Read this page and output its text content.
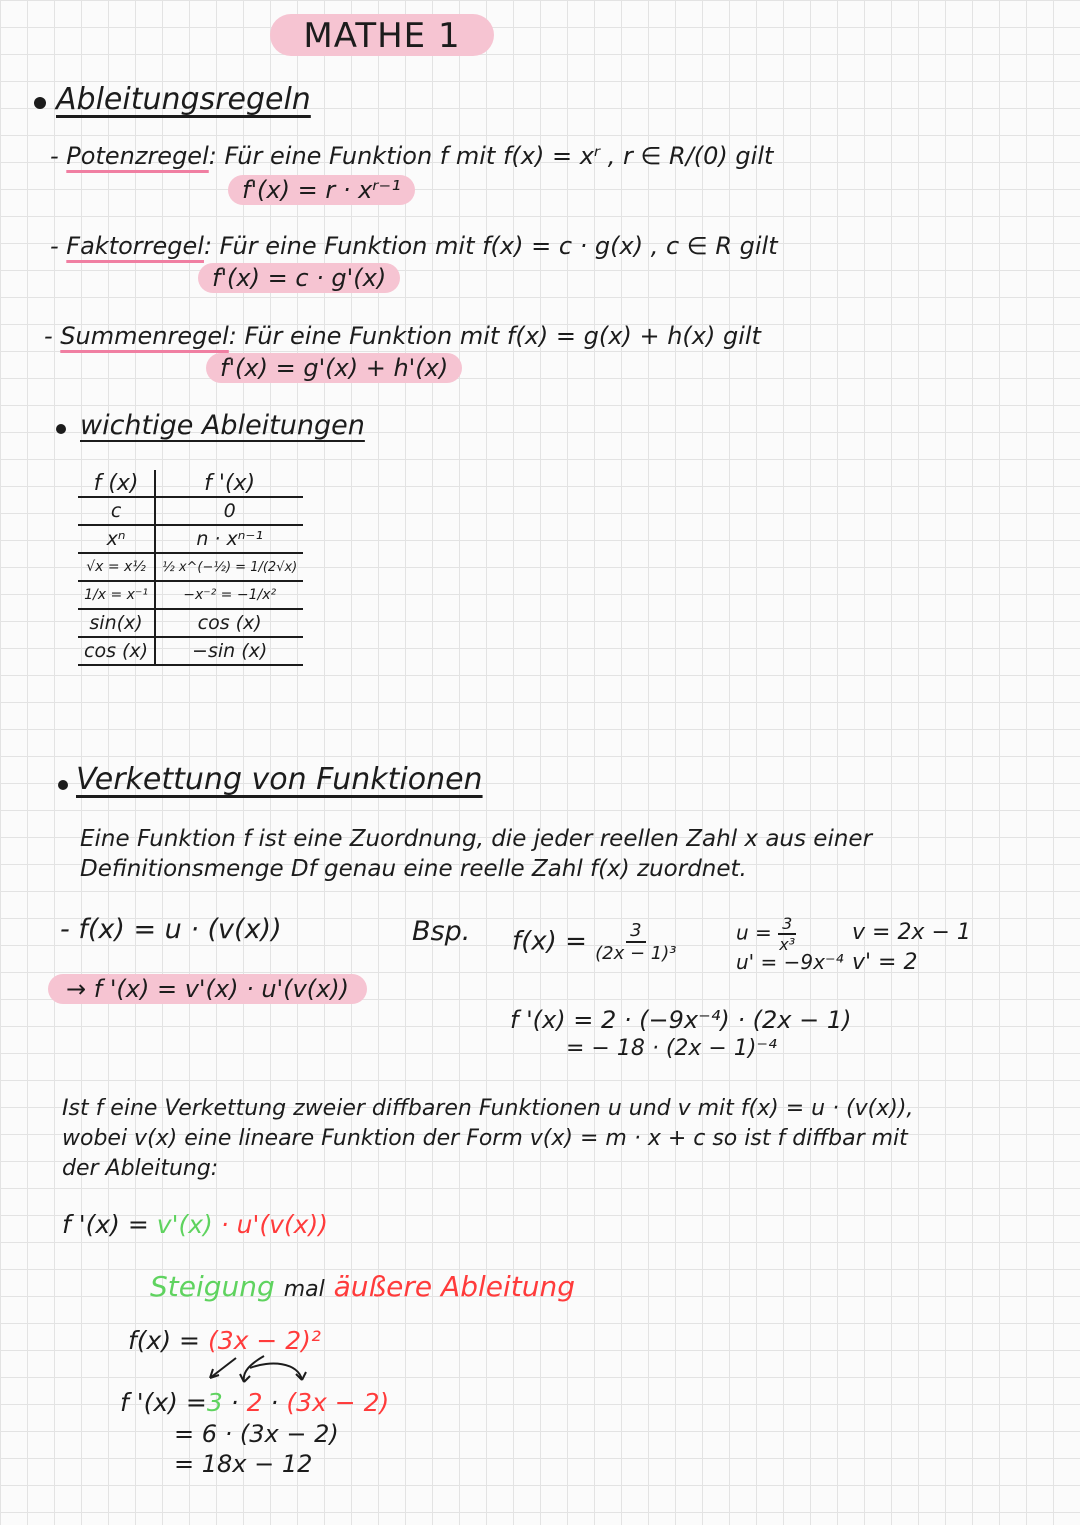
MATHE 1
Ableitungsregeln
- Potenzregel: Für eine Funktion f mit f(x) = xʳ , r ∈ R/(0) gilt
f'(x) = r · xʳ⁻¹
- Faktorregel: Für eine Funktion mit f(x) = c · g(x) , c ∈ R gilt
f'(x) = c · g'(x)
- Summenregel: Für eine Funktion mit f(x) = g(x) + h(x) gilt
f'(x) = g'(x) + h'(x)
wichtige Ableitungen
f (x)	f '(x)
c	0
xⁿ	n · xⁿ⁻¹
√x = x½	½ x^(−½) = 1/(2√x)
1/x = x⁻¹	−x⁻² = −1/x²
sin(x)	cos (x)
cos (x)	−sin (x)
Verkettung von Funktionen
Eine Funktion f ist eine Zuordnung, die jeder reellen Zahl x aus einer
Definitionsmenge Df genau eine reelle Zahl f(x) zuordnet.
- f(x) = u · (v(x))
→ f '(x) = v'(x) · u'(v(x))
Bsp. $f(x) = \frac{3}{\text{(2x − 1)³}}$	$u = \frac{3}{\text{x³}}$
u' = −9x⁻⁴
v = 2x − 1
v' = 2
f '(x) = 2 · (−9x⁻⁴) · (2x − 1)
= − 18 · (2x − 1)⁻⁴
Ist f eine Verkettung zweier diffbaren Funktionen u und v mit f(x) = u · (v(x)),
wobei v(x) eine lineare Funktion der Form v(x) = m · x + c so ist f diffbar mit
der Ableitung:
f '(x) = v'(x) · u'(v(x))
Steigung mal äußere Ableitung
f(x) = (3x − 2)²
f '(x) =3 · 2 · (3x − 2)
= 6 · (3x − 2)
= 18x − 12
